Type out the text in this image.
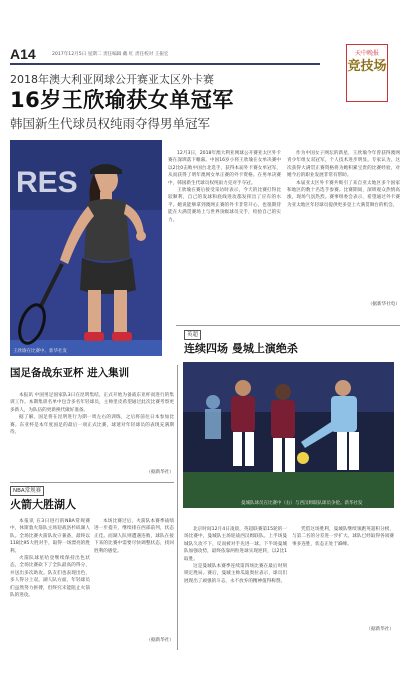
A14	2017年12月5日 星期二 责任编辑 戴 红 责任校对 王振宏	天中晚报
竞技场
2018年澳大利亚网球公开赛亚太区外卡赛
16岁王欣瑜获女单冠军
韩国新生代球员权纯雨夺得男单冠军
RES
王欣瑜在比赛中。新华社发

12月3日，2018年澳大利亚网球公开赛亚太区外卡赛在深圳落下帷幕。中国16岁小将王欣瑜在女单决赛中以2比0击败中国台北选手，获得本届外卡赛女单冠军，从而获得了明年澳网女单正赛的外卡资格。在男单决赛中，韩国新生代球员权纯雨力克对手夺冠。

王欣瑜在赛后接受采访时表示，今天的比赛打得比较顺利，自己的发球和底线进攻都发挥出了应有的水平。她说能够拿到澳网正赛的外卡非常开心，也很期待能在大满贯赛场上与世界顶级球员交手，检验自己的实力。

作为中国女子网坛的新星，王欣瑜今年曾获得澳网青少年组女双冠军，个人技术进步明显。专家认为，这次获得大满贯正赛资格将为她积累宝贵的比赛经验，对她今后的职业发展非常有帮助。

本届亚太区外卡赛共吸引了来自亚太地区多个国家和地区的数十名选手参赛。比赛期间，深圳观众热情高涨，现场气氛热烈。赛事组委会表示，希望通过外卡赛为亚太地区年轻球员提供更多登上大满贯舞台的机会。

（据新华社电）
英超
连续四场 曼城上演绝杀
曼城队球员在比赛中（右）与西汉姆联队球员争抢。新华社发

北京时间12月4日凌晨，英超联赛第15轮的一场比赛中，曼城队主场迎战西汉姆联队。上半场曼城队久攻不下，反而被对手先进一球。下半场曼城队加强攻势，最终依靠两粒进球实现逆转，以2比1取胜。

这是曼城队本赛季连续第四场比赛在最后时刻锁定胜局。赛后，曼城主帅瓜迪奥拉表示，球员们展现出了顽强的斗志，永不放弃的精神值得称赞。

凭借这场胜利，曼城队继续领跑英超积分榜，与第二名的分差进一步扩大。球队已经取得各项赛事多连胜，状态正处于巅峰。

（据新华社）
国足备战东亚杯 进入集训

本报讯 中国男足国家队3日在昆明集结，正式开始为备战东亚杯而进行的集训工作。本期集训名单中包含多名年轻球员，主帅里皮希望通过此次比赛考察更多新人，为队伍的更新换代做好准备。

据了解，国足将在昆明进行为期一周左右的训练，之后将前往日本参加比赛。东亚杯是本年度国足的最后一项正式比赛，球迷对年轻球员的表现充满期待。

（据新华社）
NBA常规赛
火箭大胜湖人

本报讯 在3日进行的NBA常规赛中，休斯敦火箭队主场迎战洛杉矶湖人队。全场比赛火箭队攻守兼备，最终以118比95大胜对手，取得一场漂亮的胜利。

火箭队球星哈登继续保持出色状态，全场比赛砍下了全队最高的得分，并送出多次助攻。队友们也表现出色，多人得分上双。湖人队方面，年轻球员们虽然努力拼搏，但终究未能阻止火箭队的进攻。

本场比赛过后，火箭队本赛季战绩进一步提升，继续排在西部前列，状态正佳。而湖人队则遭遇连败，球队在接下来的比赛中需要尽快调整状态，找回胜利的感觉。

（据新华社）
